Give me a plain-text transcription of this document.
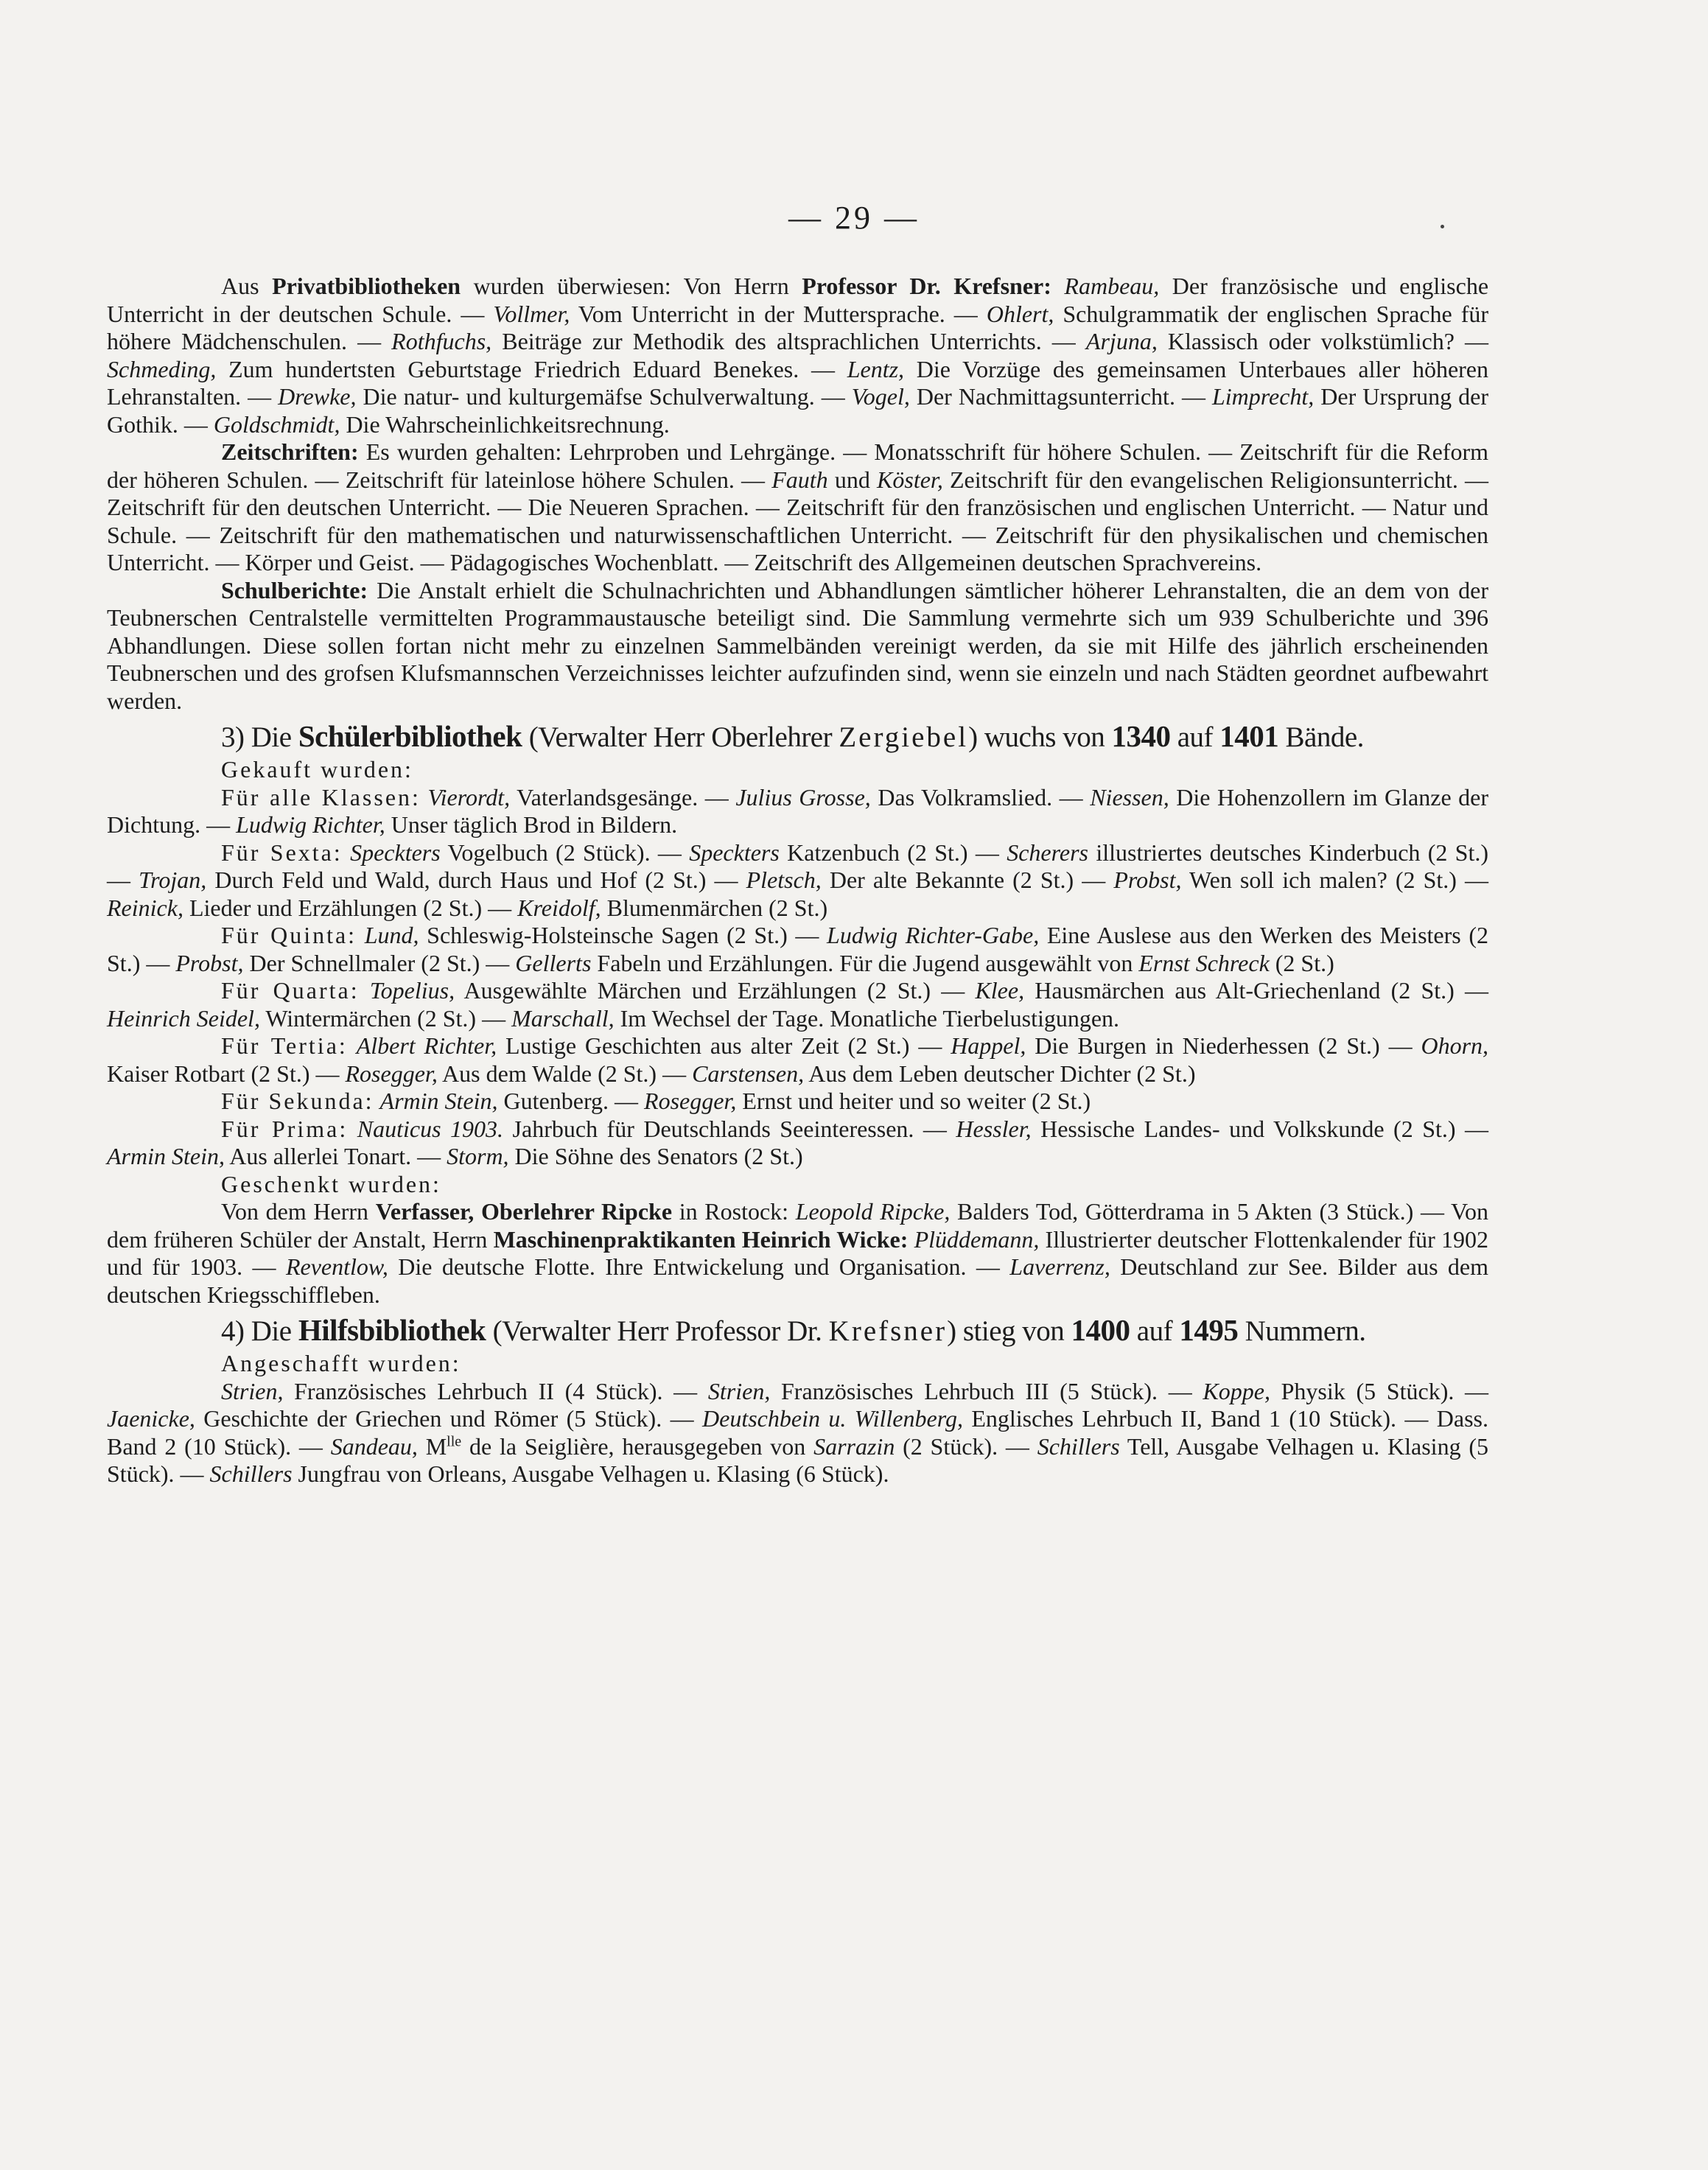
— 29 —

Aus Privatbibliotheken wurden überwiesen: Von Herrn Professor Dr. Krefsner: Rambeau, Der französische und englische Unterricht in der deutschen Schule. — Vollmer, Vom Unterricht in der Muttersprache. — Ohlert, Schulgrammatik der englischen Sprache für höhere Mädchenschulen. — Rothfuchs, Beiträge zur Methodik des altsprachlichen Unterrichts. — Arjuna, Klassisch oder volkstümlich? — Schmeding, Zum hundertsten Geburtstage Friedrich Eduard Benekes. — Lentz, Die Vorzüge des gemeinsamen Unterbaues aller höheren Lehranstalten. — Drewke, Die natur- und kulturgemäfse Schulverwaltung. — Vogel, Der Nachmittagsunterricht. — Limprecht, Der Ursprung der Gothik. — Goldschmidt, Die Wahrscheinlichkeitsrechnung.

Zeitschriften: Es wurden gehalten: Lehrproben und Lehrgänge. — Monatsschrift für höhere Schulen. — Zeitschrift für die Reform der höheren Schulen. — Zeitschrift für lateinlose höhere Schulen. — Fauth und Köster, Zeitschrift für den evangelischen Religionsunterricht. — Zeitschrift für den deutschen Unterricht. — Die Neueren Sprachen. — Zeitschrift für den französischen und englischen Unterricht. — Natur und Schule. — Zeitschrift für den mathematischen und naturwissenschaftlichen Unterricht. — Zeitschrift für den physikalischen und chemischen Unterricht. — Körper und Geist. — Pädagogisches Wochenblatt. — Zeitschrift des Allgemeinen deutschen Sprachvereins.

Schulberichte: Die Anstalt erhielt die Schulnachrichten und Abhandlungen sämtlicher höherer Lehranstalten, die an dem von der Teubnerschen Centralstelle vermittelten Programmaustausche beteiligt sind. Die Sammlung vermehrte sich um 939 Schulberichte und 396 Abhandlungen. Diese sollen fortan nicht mehr zu einzelnen Sammelbänden vereinigt werden, da sie mit Hilfe des jährlich erscheinenden Teubnerschen und des grofsen Klufsmannschen Verzeichnisses leichter aufzufinden sind, wenn sie einzeln und nach Städten geordnet aufbewahrt werden.

3) Die Schülerbibliothek (Verwalter Herr Oberlehrer Zergiebel) wuchs von 1340 auf 1401 Bände.

Gekauft wurden:

Für alle Klassen: Vierordt, Vaterlandsgesänge. — Julius Grosse, Das Volkramslied. — Niessen, Die Hohenzollern im Glanze der Dichtung. — Ludwig Richter, Unser täglich Brod in Bildern.

Für Sexta: Speckters Vogelbuch (2 Stück). — Speckters Katzenbuch (2 St.) — Scherers illustriertes deutsches Kinderbuch (2 St.) — Trojan, Durch Feld und Wald, durch Haus und Hof (2 St.) — Pletsch, Der alte Bekannte (2 St.) — Probst, Wen soll ich malen? (2 St.) — Reinick, Lieder und Erzählungen (2 St.) — Kreidolf, Blumenmärchen (2 St.)

Für Quinta: Lund, Schleswig-Holsteinsche Sagen (2 St.) — Ludwig Richter-Gabe, Eine Auslese aus den Werken des Meisters (2 St.) — Probst, Der Schnellmaler (2 St.) — Gellerts Fabeln und Erzählungen. Für die Jugend ausgewählt von Ernst Schreck (2 St.)

Für Quarta: Topelius, Ausgewählte Märchen und Erzählungen (2 St.) — Klee, Hausmärchen aus Alt-Griechenland (2 St.) — Heinrich Seidel, Wintermärchen (2 St.) — Marschall, Im Wechsel der Tage. Monatliche Tierbelustigungen.

Für Tertia: Albert Richter, Lustige Geschichten aus alter Zeit (2 St.) — Happel, Die Burgen in Niederhessen (2 St.) — Ohorn, Kaiser Rotbart (2 St.) — Rosegger, Aus dem Walde (2 St.) — Carstensen, Aus dem Leben deutscher Dichter (2 St.)

Für Sekunda: Armin Stein, Gutenberg. — Rosegger, Ernst und heiter und so weiter (2 St.)

Für Prima: Nauticus 1903. Jahrbuch für Deutschlands Seeinteressen. — Hessler, Hessische Landes- und Volkskunde (2 St.) — Armin Stein, Aus allerlei Tonart. — Storm, Die Söhne des Senators (2 St.)

Geschenkt wurden:

Von dem Herrn Verfasser, Oberlehrer Ripcke in Rostock: Leopold Ripcke, Balders Tod, Götterdrama in 5 Akten (3 Stück.) — Von dem früheren Schüler der Anstalt, Herrn Maschinenpraktikanten Heinrich Wicke: Plüddemann, Illustrierter deutscher Flottenkalender für 1902 und für 1903. — Reventlow, Die deutsche Flotte. Ihre Entwickelung und Organisation. — Laverrenz, Deutschland zur See. Bilder aus dem deutschen Kriegsschiffleben.

4) Die Hilfsbibliothek (Verwalter Herr Professor Dr. Krefsner) stieg von 1400 auf 1495 Nummern.

Angeschafft wurden:

Strien, Französisches Lehrbuch II (4 Stück). — Strien, Französisches Lehrbuch III (5 Stück). — Koppe, Physik (5 Stück). — Jaenicke, Geschichte der Griechen und Römer (5 Stück). — Deutschbein u. Willenberg, Englisches Lehrbuch II, Band 1 (10 Stück). — Dass. Band 2 (10 Stück). — Sandeau, $M^{lle}$ de la Seiglière, herausgegeben von Sarrazin (2 Stück). — Schillers Tell, Ausgabe Velhagen u. Klasing (5 Stück). — Schillers Jungfrau von Orleans, Ausgabe Velhagen u. Klasing (6 Stück).
